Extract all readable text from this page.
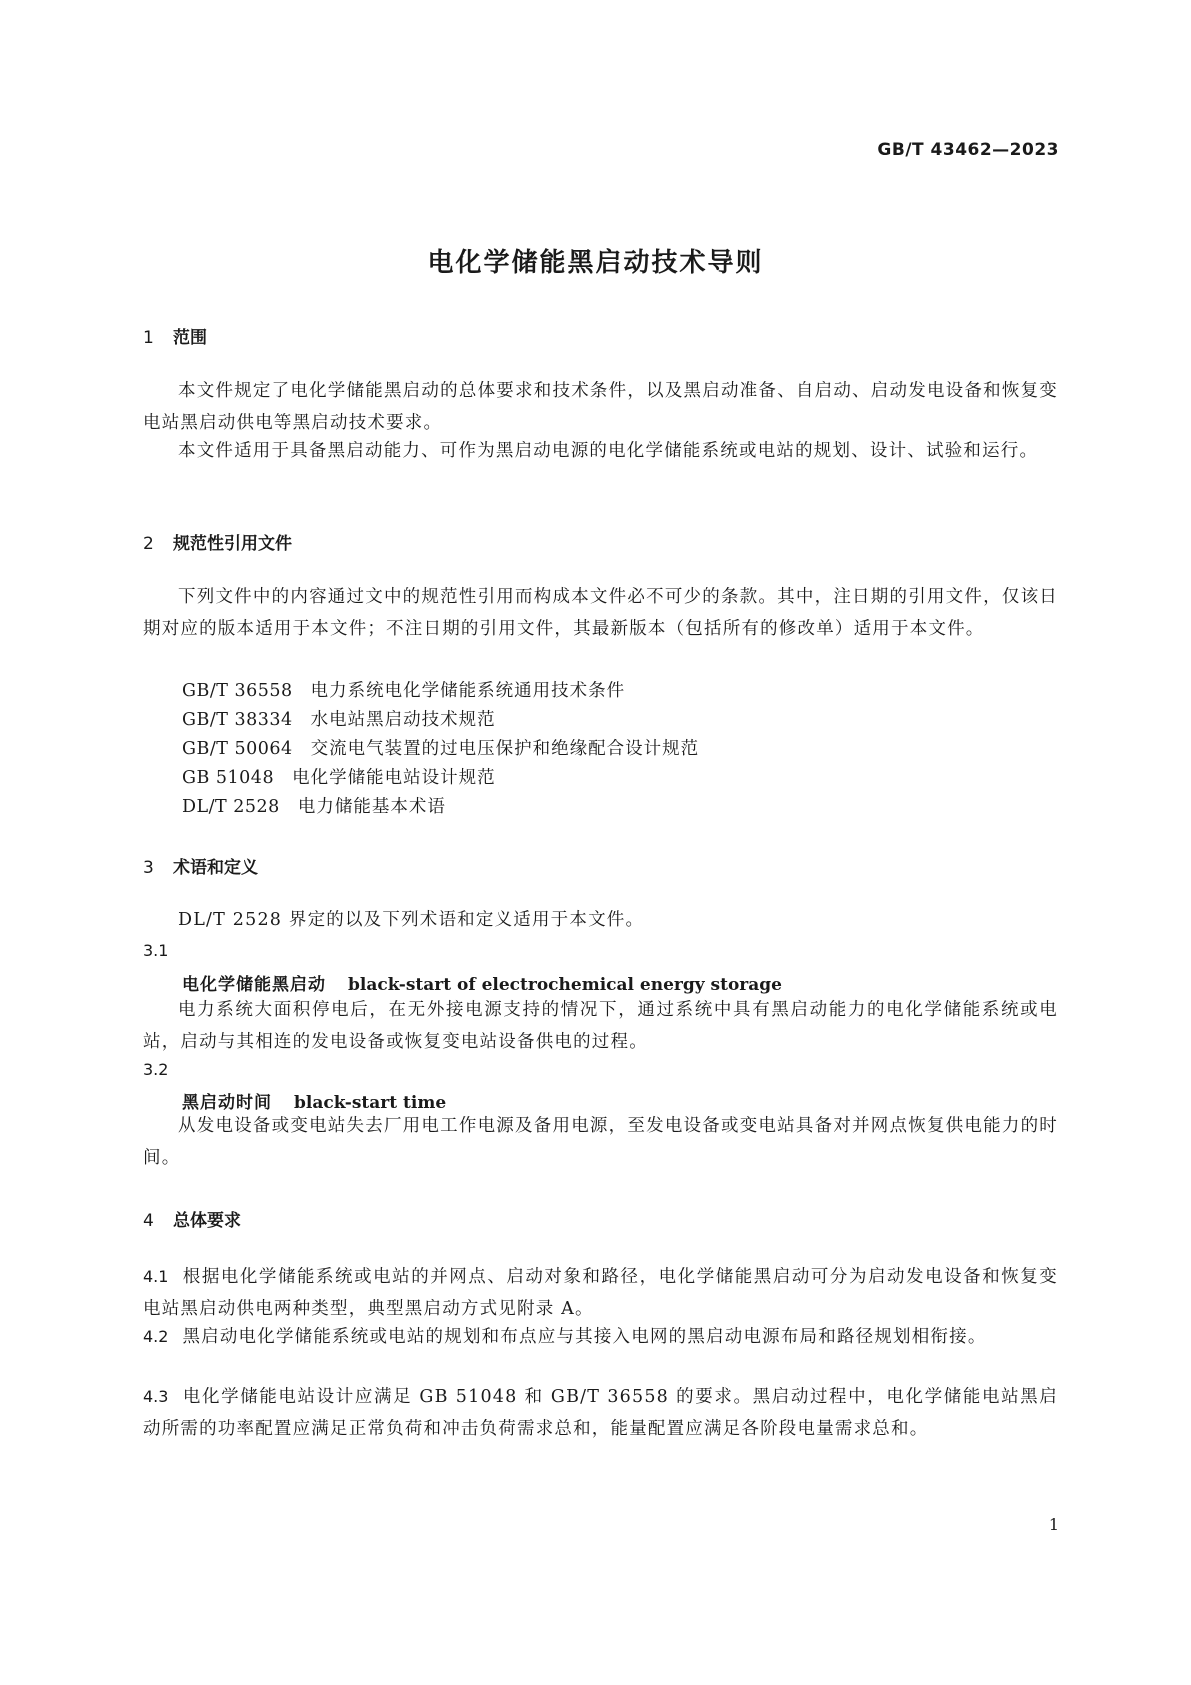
GB/T 43462—2023
电化学储能黑启动技术导则
1 范围
本文件规定了电化学储能黑启动的总体要求和技术条件，以及黑启动准备、自启动、启动发电设备和恢复变电站黑启动供电等黑启动技术要求。
本文件适用于具备黑启动能力、可作为黑启动电源的电化学储能系统或电站的规划、设计、试验和运行。
2 规范性引用文件
下列文件中的内容通过文中的规范性引用而构成本文件必不可少的条款。其中，注日期的引用文件，仅该日期对应的版本适用于本文件；不注日期的引用文件，其最新版本（包括所有的修改单）适用于本文件。
GB/T 36558 电力系统电化学储能系统通用技术条件
GB/T 38334 水电站黑启动技术规范
GB/T 50064 交流电气装置的过电压保护和绝缘配合设计规范
GB 51048 电化学储能电站设计规范
DL/T 2528 电力储能基本术语
3 术语和定义
DL/T 2528 界定的以及下列术语和定义适用于本文件。
3.1
电化学储能黑启动 black-start of electrochemical energy storage
电力系统大面积停电后，在无外接电源支持的情况下，通过系统中具有黑启动能力的电化学储能系统或电站，启动与其相连的发电设备或恢复变电站设备供电的过程。
3.2
黑启动时间 black-start time
从发电设备或变电站失去厂用电工作电源及备用电源，至发电设备或变电站具备对并网点恢复供电能力的时间。
4 总体要求
4.1 根据电化学储能系统或电站的并网点、启动对象和路径，电化学储能黑启动可分为启动发电设备和恢复变电站黑启动供电两种类型，典型黑启动方式见附录 A。
4.2 黑启动电化学储能系统或电站的规划和布点应与其接入电网的黑启动电源布局和路径规划相衔接。
4.3 电化学储能电站设计应满足 GB 51048 和 GB/T 36558 的要求。黑启动过程中，电化学储能电站黑启动所需的功率配置应满足正常负荷和冲击负荷需求总和，能量配置应满足各阶段电量需求总和。
1
